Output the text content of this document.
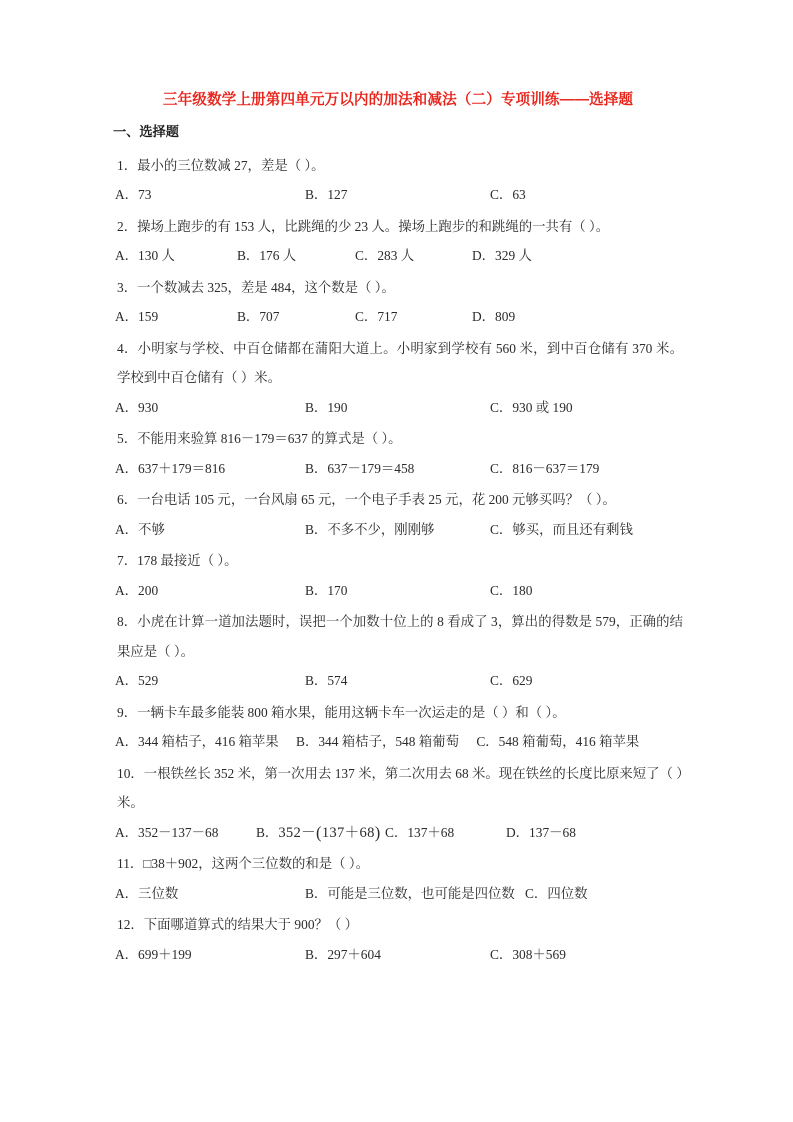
三年级数学上册第四单元万以内的加法和减法（二）专项训练——选择题
一、选择题

1．最小的三位数减 27，差是（ ）。

A．73	B．127	C．63

2．操场上跑步的有 153 人，比跳绳的少 23 人。操场上跑步的和跳绳的一共有（ ）。

A．130 人	B．176 人	C．283 人	D．329 人

3．一个数减去 325，差是 484，这个数是（ ）。

A．159	B．707	C．717	D．809

4．小明家与学校、中百仓储都在蒲阳大道上。小明家到学校有 560 米，到中百仓储有 370 米。学校到中百仓储有（ ）米。

A．930	B．190	C．930 或 190

5．不能用来验算 816－179＝637 的算式是（ ）。

A．637＋179＝816	B．637－179＝458	C．816－637＝179

6．一台电话 105 元，一台风扇 65 元，一个电子手表 25 元，花 200 元够买吗？（ ）。

A．不够	B．不多不少，刚刚够	C．够买，而且还有剩钱

7．178 最接近（ ）。

A．200	B．170	C．180

8．小虎在计算一道加法题时，误把一个加数十位上的 8 看成了 3，算出的得数是 579，正确的结果应是（ ）。

A．529	B．574	C．629

9．一辆卡车最多能装 800 箱水果，能用这辆卡车一次运走的是（ ）和（ ）。

A．344 箱桔子，416 箱苹果 B．344 箱桔子，548 箱葡萄 C．548 箱葡萄，416 箱苹果

10．一根铁丝长 352 米，第一次用去 137 米，第二次用去 68 米。现在铁丝的长度比原来短了（ ）米。

A．352－137－68	B．352－(137＋68) C．137＋68	D．137－68

11．□38＋902，这两个三位数的和是（ ）。

A．三位数	B．可能是三位数，也可能是四位数 C．四位数

12．下面哪道算式的结果大于 900？（ ）

A．699＋199	B．297＋604	C．308＋569
